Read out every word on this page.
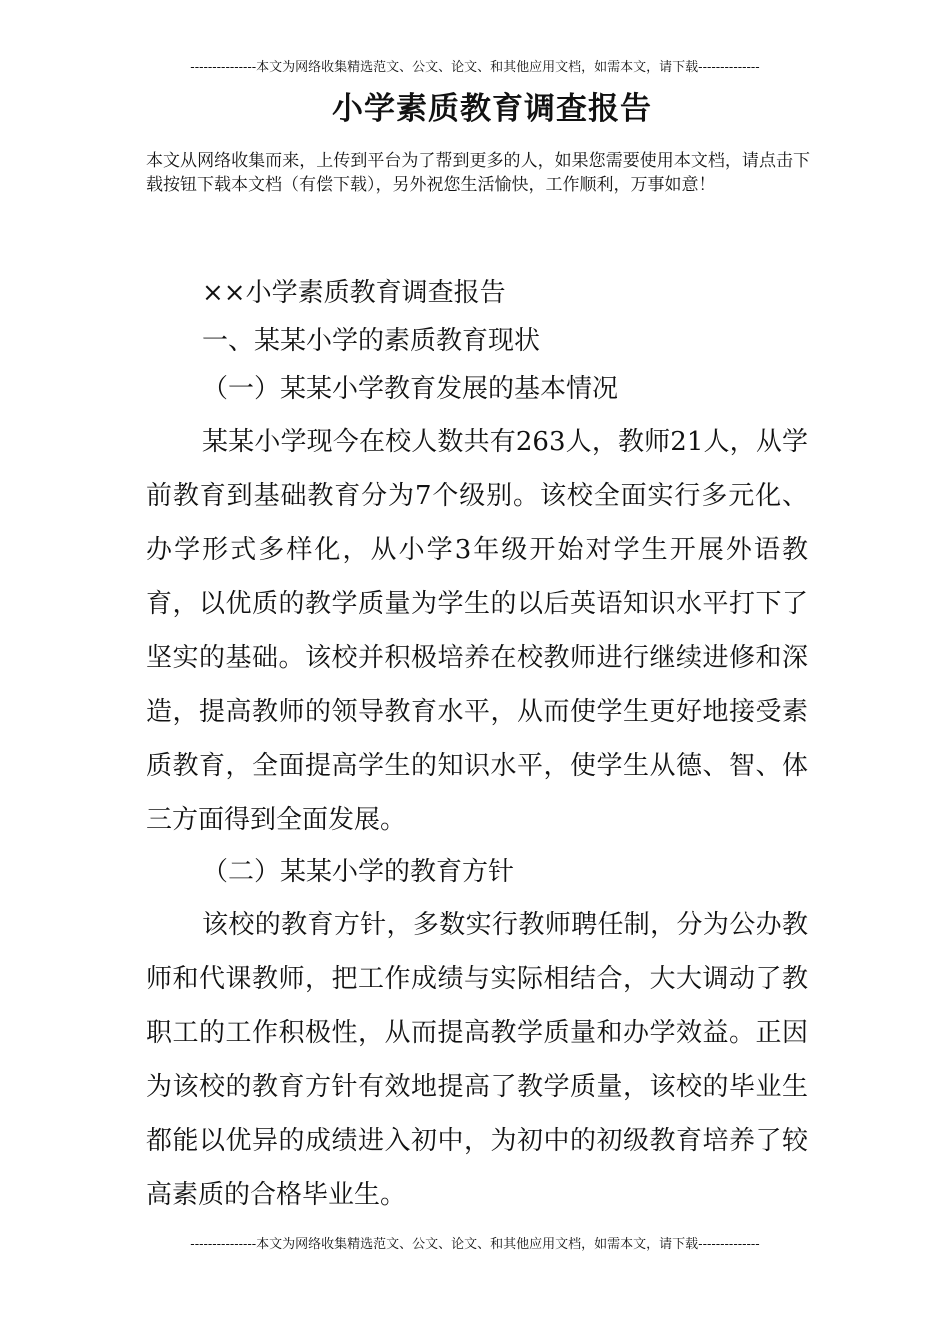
---------------本文为网络收集精选范文、公文、论文、和其他应用文档，如需本文，请下载--------------
小学素质教育调查报告
本文从网络收集而来，上传到平台为了帮到更多的人，如果您需要使用本文档，请点击下载按钮下载本文档（有偿下载），另外祝您生活愉快，工作顺利，万事如意！

××小学素质教育调查报告

一、某某小学的素质教育现状

（一）某某小学教育发展的基本情况

某某小学现今在校人数共有263人，教师21人，从学前教育到基础教育分为7个级别。该校全面实行多元化、办学形式多样化，从小学3年级开始对学生开展外语教育，以优质的教学质量为学生的以后英语知识水平打下了坚实的基础。该校并积极培养在校教师进行继续进修和深造，提高教师的领导教育水平，从而使学生更好地接受素质教育，全面提高学生的知识水平，使学生从德、智、体三方面得到全面发展。

（二）某某小学的教育方针

该校的教育方针，多数实行教师聘任制，分为公办教师和代课教师，把工作成绩与实际相结合，大大调动了教职工的工作积极性，从而提高教学质量和办学效益。正因为该校的教育方针有效地提高了教学质量，该校的毕业生都能以优异的成绩进入初中，为初中的初级教育培养了较高素质的合格毕业生。

---------------本文为网络收集精选范文、公文、论文、和其他应用文档，如需本文，请下载--------------
